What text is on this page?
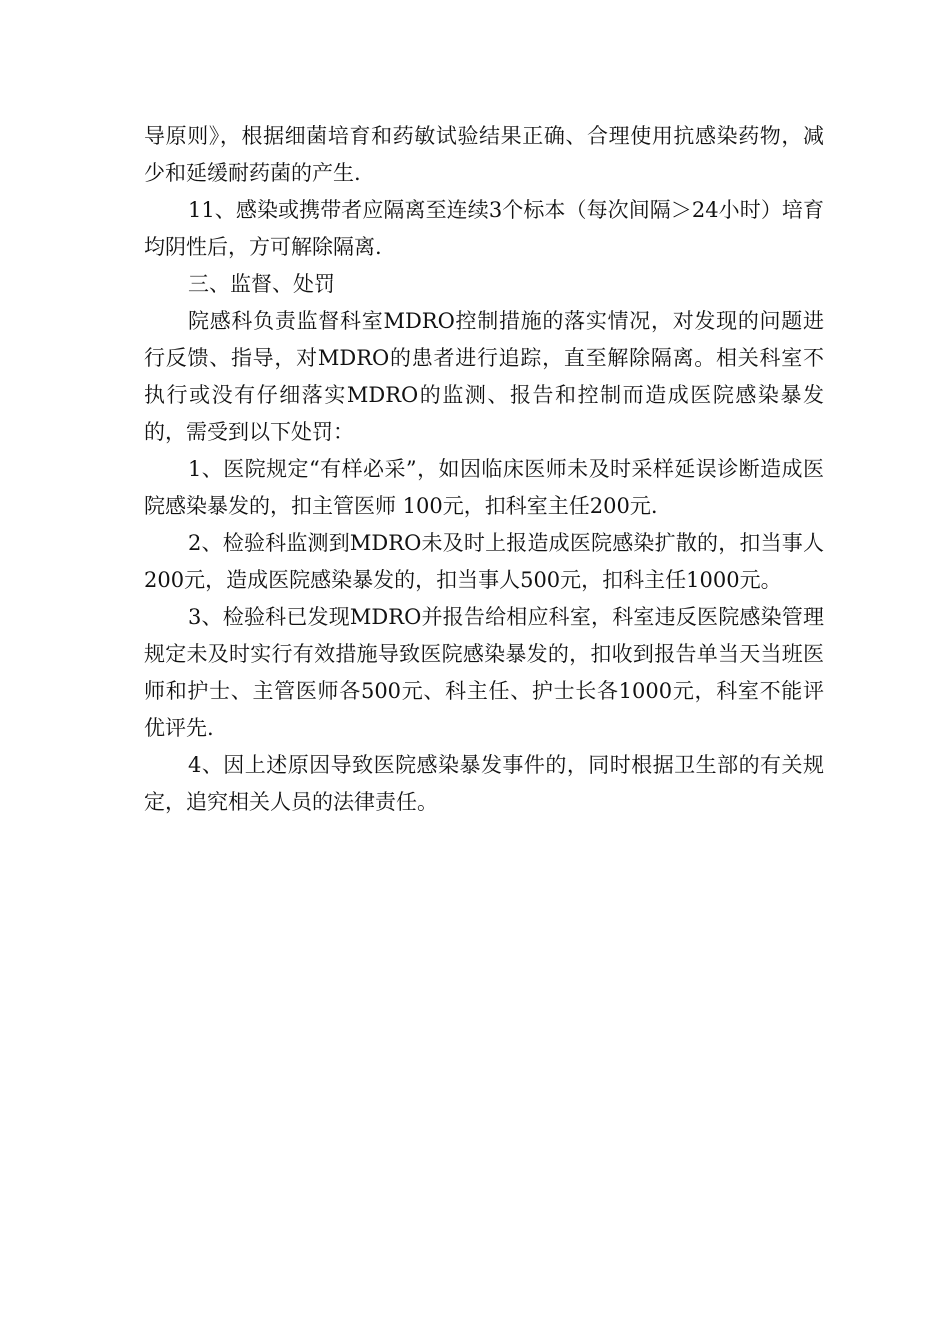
导原则》，根据细菌培育和药敏试验结果正确、合理使用抗感染药物，减少和延缓耐药菌的产生.

11、感染或携带者应隔离至连续3个标本（每次间隔＞24小时）培育均阴性后，方可解除隔离.

三、监督、处罚

院感科负责监督科室MDRO控制措施的落实情况，对发现的问题进行反馈、指导，对MDRO的患者进行追踪，直至解除隔离。相关科室不执行或没有仔细落实MDRO的监测、报告和控制而造成医院感染暴发的，需受到以下处罚：

1、医院规定“有样必采”，如因临床医师未及时采样延误诊断造成医院感染暴发的，扣主管医师 100元，扣科室主任200元.

2、检验科监测到MDRO未及时上报造成医院感染扩散的，扣当事人200元，造成医院感染暴发的，扣当事人500元，扣科主任1000元。

3、检验科已发现MDRO并报告给相应科室，科室违反医院感染管理规定未及时实行有效措施导致医院感染暴发的，扣收到报告单当天当班医师和护士、主管医师各500元、科主任、护士长各1000元，科室不能评优评先.

4、因上述原因导致医院感染暴发事件的，同时根据卫生部的有关规定，追究相关人员的法律责任。
